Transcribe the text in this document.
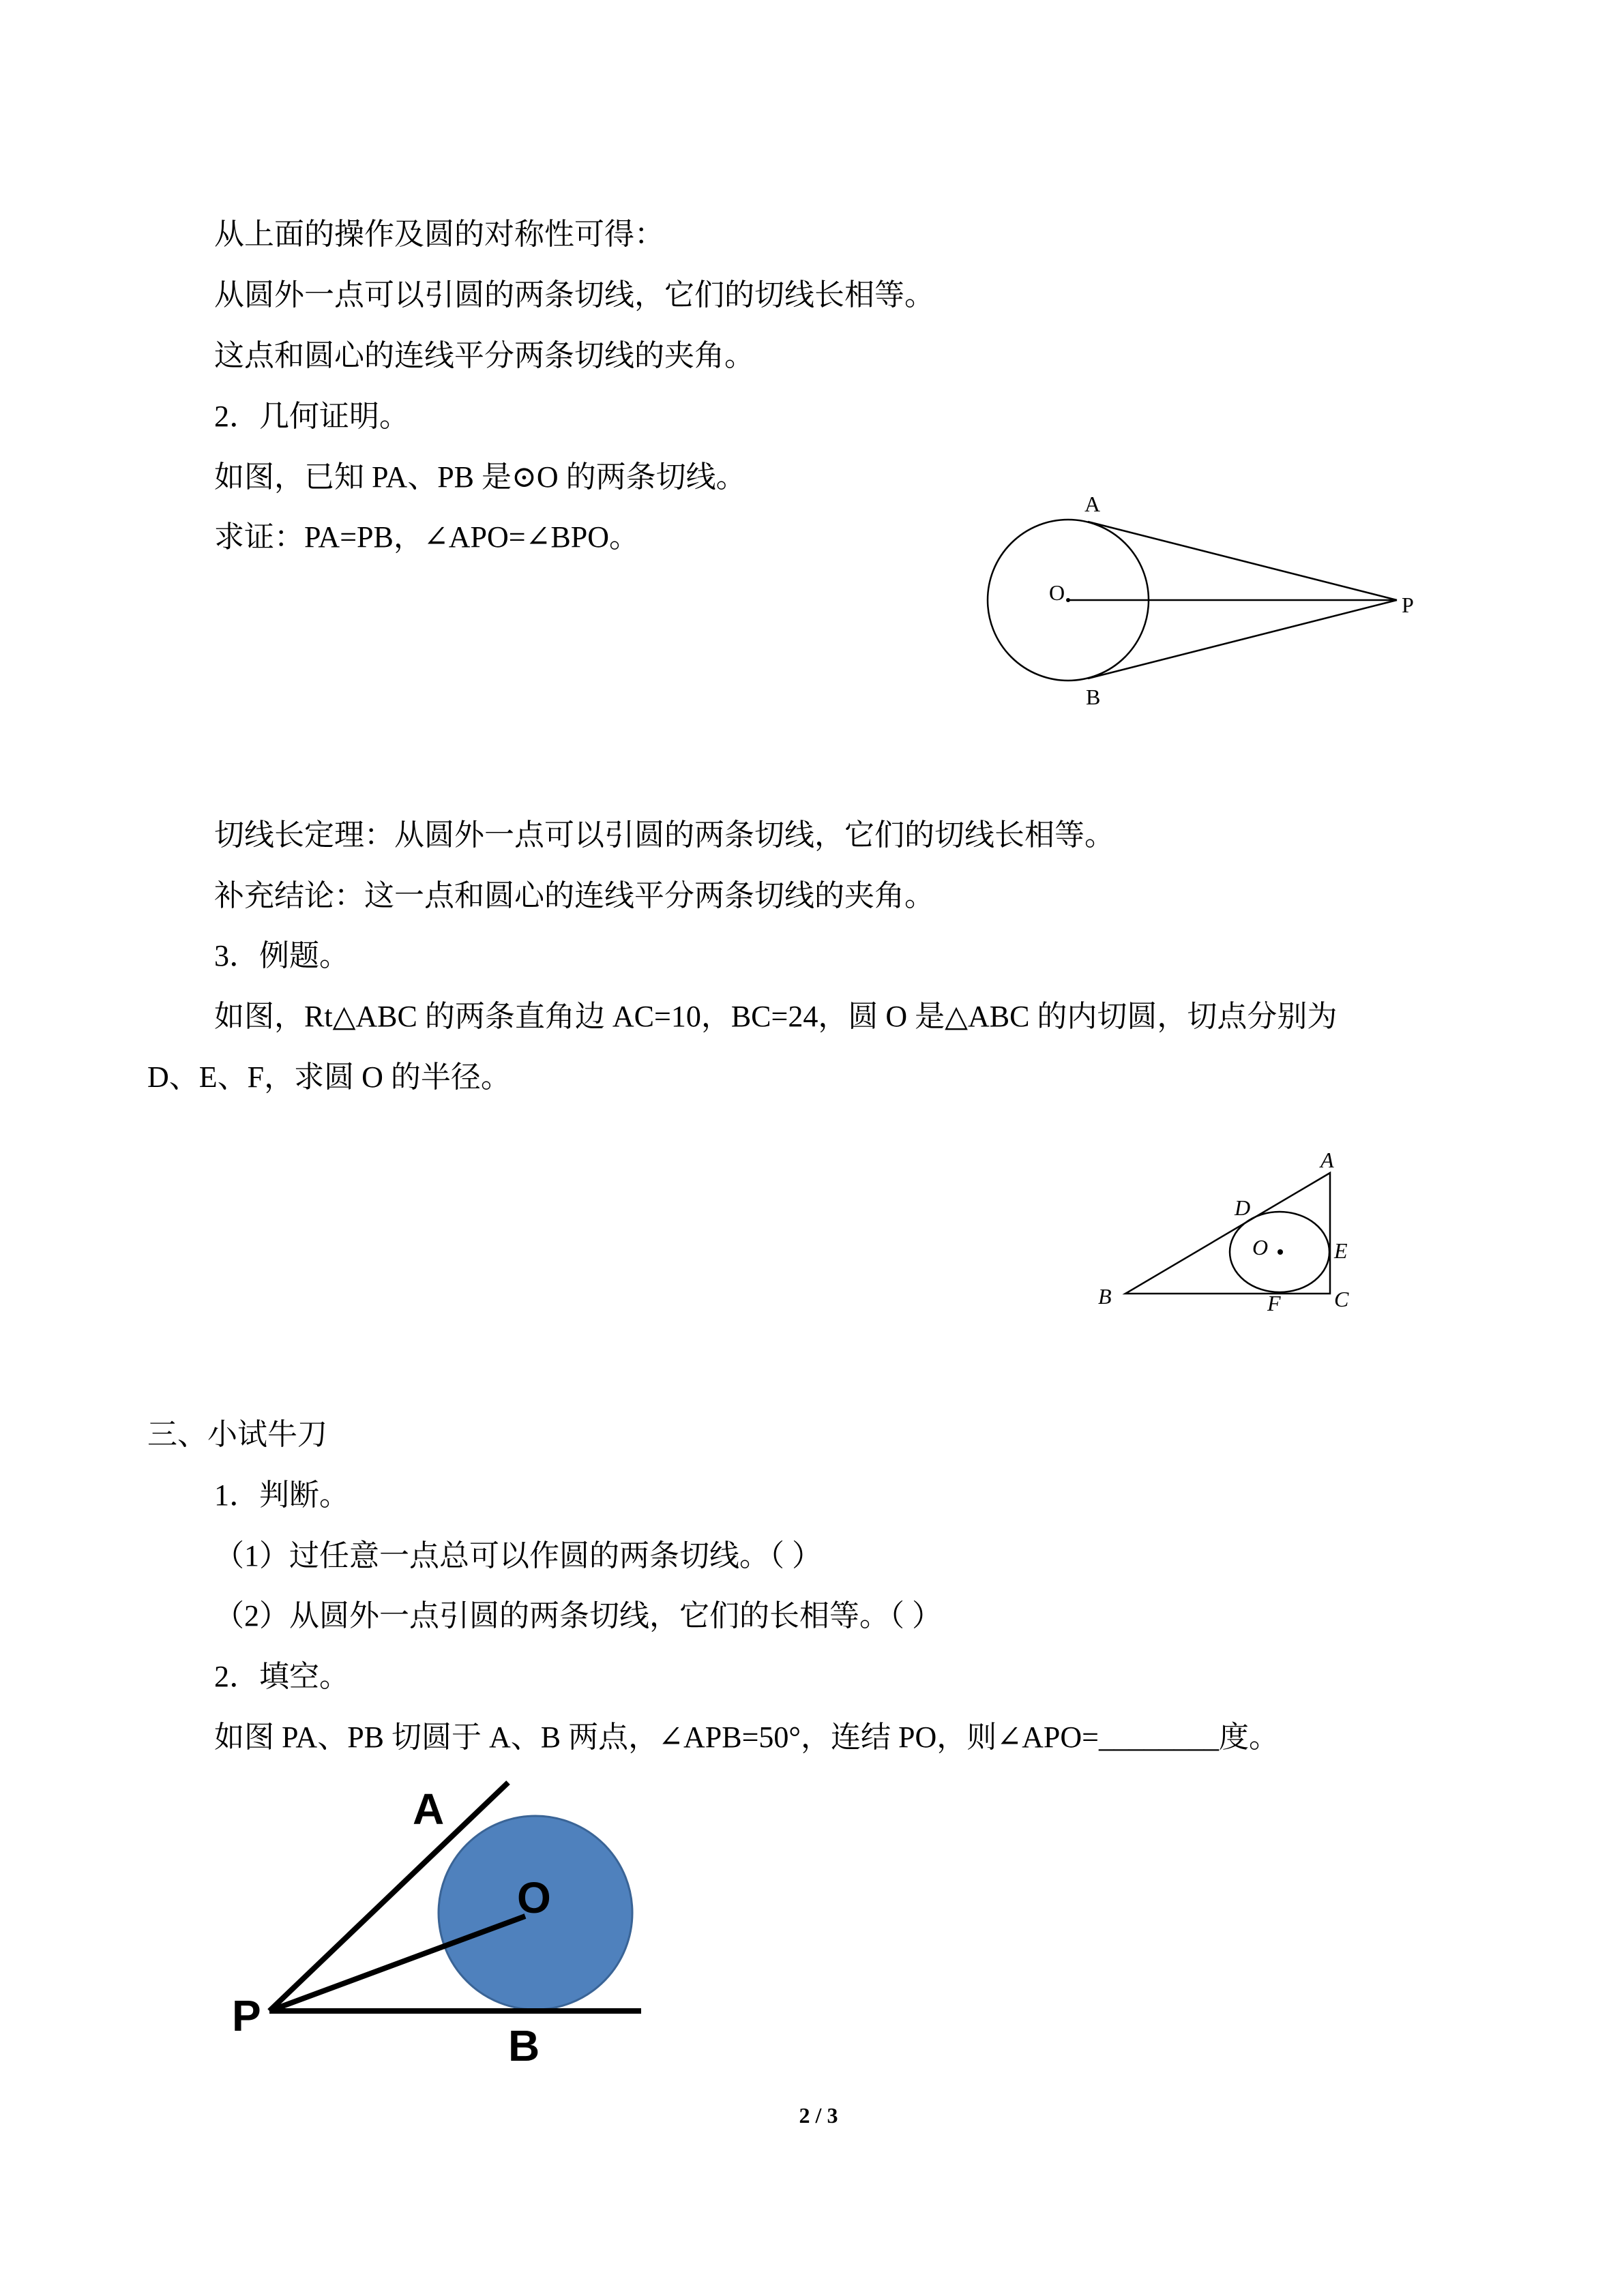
从上面的操作及圆的对称性可得：

从圆外一点可以引圆的两条切线，它们的切线长相等。

这点和圆心的连线平分两条切线的夹角。

2．几何证明。

如图，已知 PA、PB 是⊙O 的两条切线。

求证：PA=PB，∠APO=∠BPO。

A
O	P
B

切线长定理：从圆外一点可以引圆的两条切线，它们的切线长相等。

补充结论：这一点和圆心的连线平分两条切线的夹角。

3．例题。

如图，Rt△ABC 的两条直角边 AC=10，BC=24，圆 O 是△ABC 的内切圆，切点分别为

D、E、F，求圆 O 的半径。

A
D
O	E
B	F C

三、小试牛刀

1．判断。

（1）过任意一点总可以作圆的两条切线。（ ）

（2）从圆外一点引圆的两条切线，它们的长相等。（ ）

2．填空。

如图 PA、PB 切圆于 A、B 两点，∠APB=50°，连结 PO，则∠APO=________度。

A
O
P
B
2 / 3
